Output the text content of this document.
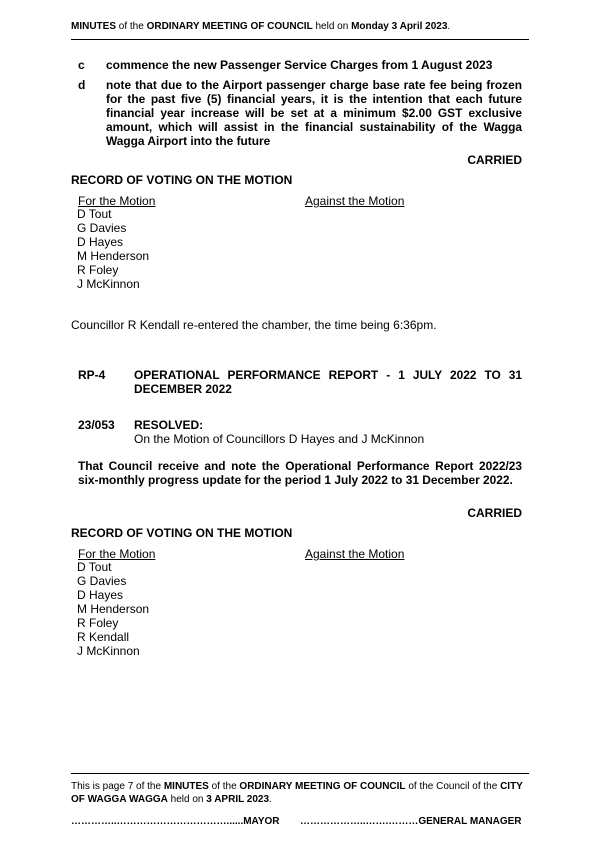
MINUTES of the ORDINARY MEETING OF COUNCIL held on Monday 3 April 2023.
c commence the new Passenger Service Charges from 1 August 2023
d note that due to the Airport passenger charge base rate fee being frozen for the past five (5) financial years, it is the intention that each future financial year increase will be set at a minimum $2.00 GST exclusive amount, which will assist in the financial sustainability of the Wagga Wagga Airport into the future
CARRIED
RECORD OF VOTING ON THE MOTION
For the Motion	Against the Motion
D Tout
G Davies
D Hayes
M Henderson
R Foley
J McKinnon
Councillor R Kendall re-entered the chamber, the time being 6:36pm.
RP-4 OPERATIONAL PERFORMANCE REPORT - 1 JULY 2022 TO 31 DECEMBER 2022
23/053 RESOLVED:
On the Motion of Councillors D Hayes and J McKinnon
That Council receive and note the Operational Performance Report 2022/23 six-monthly progress update for the period 1 July 2022 to 31 December 2022.
CARRIED
RECORD OF VOTING ON THE MOTION
For the Motion	Against the Motion
D Tout
G Davies
D Hayes
M Henderson
R Foley
R Kendall
J McKinnon
This is page 7 of the MINUTES of the ORDINARY MEETING OF COUNCIL of the Council of the CITY OF WAGGA WAGGA held on 3 APRIL 2023.
…………..……………………………......MAYOR ………………..…….………GENERAL MANAGER
